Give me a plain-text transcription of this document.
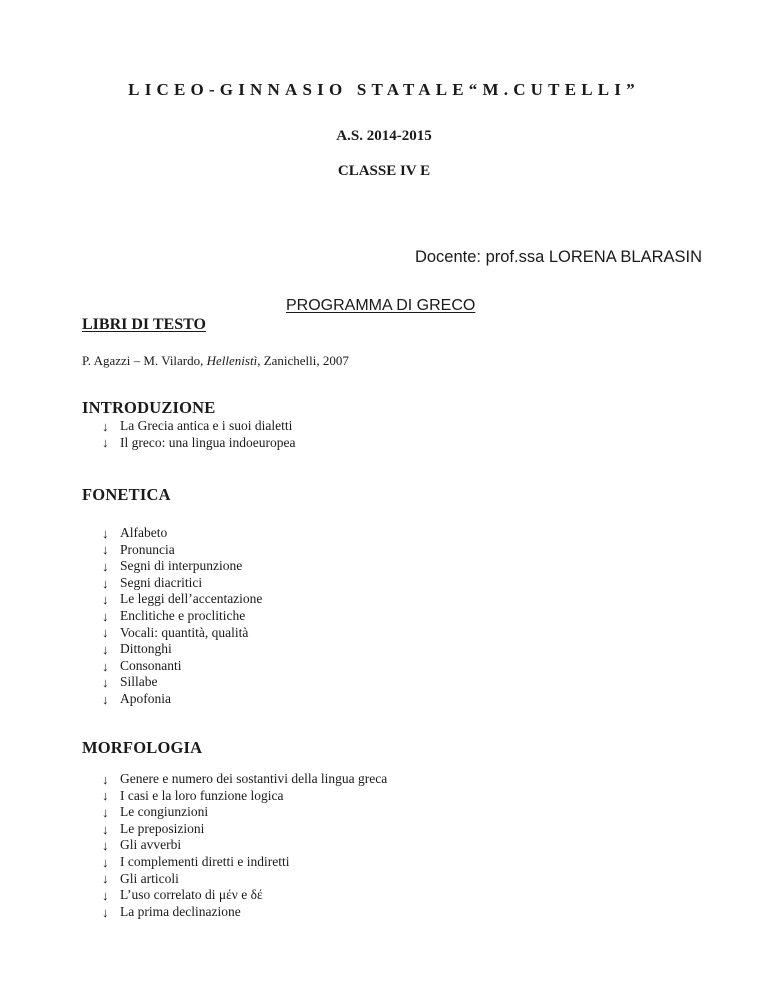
LICEO-GINNASIO STATALE“M.CUTELLI”
A.S. 2014-2015
CLASSE IV E
Docente: prof.ssa LORENA BLARASIN
PROGRAMMA DI GRECO
LIBRI DI TESTO
P. Agazzi – M. Vilardo, Hellenistì, Zanichelli, 2007
INTRODUZIONE
↓ La Grecia antica e i suoi dialetti
↓ Il greco: una lingua indoeuropea
FONETICA
↓ Alfabeto
↓ Pronuncia
↓ Segni di interpunzione
↓ Segni diacritici
↓ Le leggi dell’accentazione
↓ Enclitiche e proclitiche
↓ Vocali: quantità, qualità
↓ Dittonghi
↓ Consonanti
↓ Sillabe
↓ Apofonia
MORFOLOGIA
↓ Genere e numero dei sostantivi della lingua greca
↓ I casi e la loro funzione logica
↓ Le congiunzioni
↓ Le preposizioni
↓ Gli avverbi
↓ I complementi diretti e indiretti
↓ Gli articoli
↓ L’uso correlato di μέν e δέ
↓ La prima declinazione
